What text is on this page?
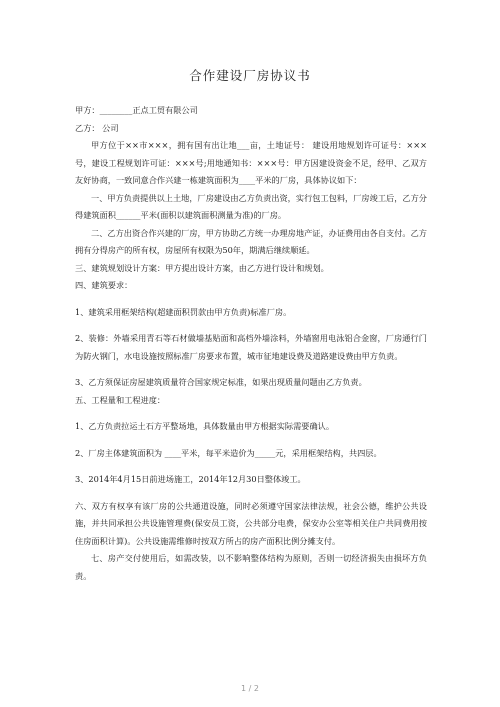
合作建设厂房协议书

甲方：________正点工贸有限公司

乙方： 公司

甲方位于××市×××，拥有国有出让地___亩，土地证号： 建设用地规划许可证号：×××号，建设工程规划许可证：×××号;用地通知书：×××号：甲方因建设资金不足，经甲、乙双方友好协商，一致同意合作兴建一栋建筑面积为____平米的厂房，具体协议如下：

一、甲方负责提供以上土地，厂房建设由乙方负责出资，实行包工包料，厂房竣工后，乙方分得建筑面积______平米(面积以建筑面积测量为准)的厂房。

二、乙方出资合作兴建的厂房，甲方协助乙方统一办理房地产证，办证费用由各自支付。乙方拥有分得房产的所有权，房屋所有权限为50年，期满后继续顺延。

三、建筑规划设计方案：甲方提出设计方案，由乙方进行设计和规划。

四、建筑要求：

1、建筑采用框架结构(超建面积罚款由甲方负责)标准厂房。

2、装修：外墙采用青石等石材做墙基贴面和高档外墙涂料，外墙窗用电泳铝合金窗，厂房通行门为防火钢门，水电设施按照标准厂房要求布置，城市征地建设费及道路建设费由甲方负责。

3、乙方须保证房屋建筑质量符合国家规定标准，如果出现质量问题由乙方负责。

五、工程量和工程进度：

1、乙方负责拉运土石方平整场地，具体数量由甲方根据实际需要确认。

2、厂房主体建筑面积为 ____平米，每平米造价为_____元，采用框架结构，共四层。

3、2014年4月15日前进场施工，2014年12月30日整体竣工。

六、双方有权享有该厂房的公共通道设施，同时必须遵守国家法律法规，社会公德，维护公共设施，并共同承担公共设施管理费(保安员工资，公共部分电费，保安办公室等相关住户共同费用按住房面积计算)。公共设施需维修时按双方所占的房产面积比例分摊支付。

七、房产交付使用后，如需改装，以不影响整体结构为原则，否则一切经济损失由损坏方负责。

1 / 2
